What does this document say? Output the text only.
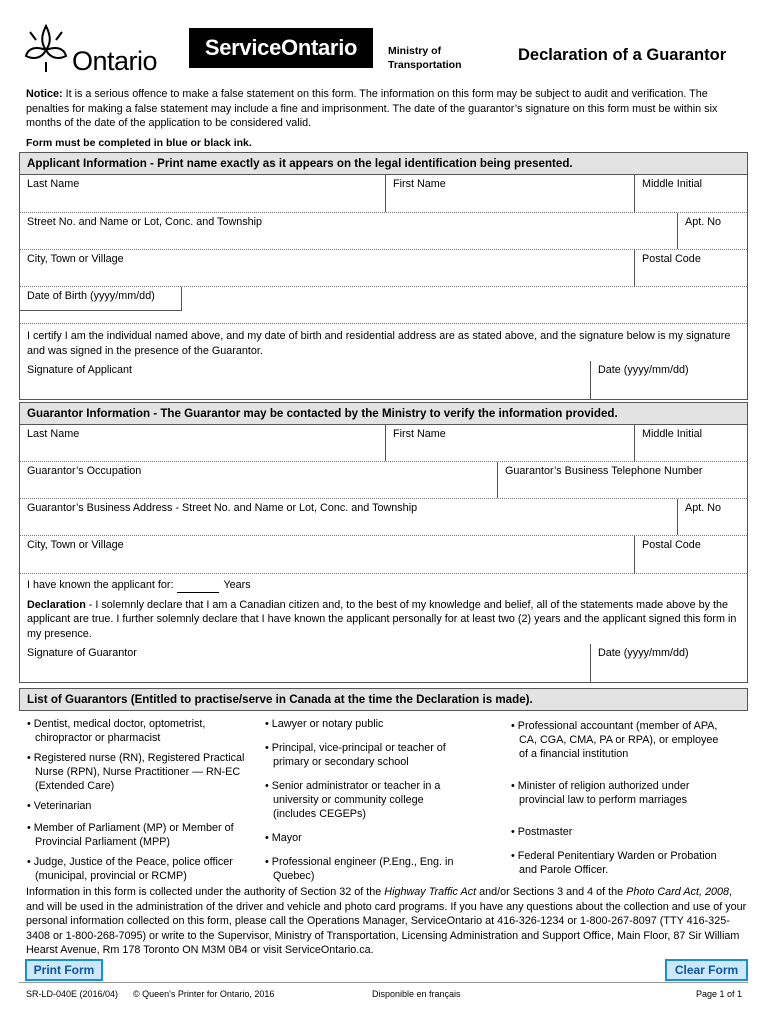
Ontario	ServiceOntario	Ministry of
Transportation
Declaration of a Guarantor
Notice: It is a serious offence to make a false statement on this form. The information on this form may be subject to audit and verification. The penalties for making a false statement may include a fine and imprisonment. The date of the guarantor’s signature on this form must be within six months of the date of the application to be considered valid.
Form must be completed in blue or black ink.
Applicant Information - Print name exactly as it appears on the legal identification being presented.
Last Name	First Name	Middle Initial
Street No. and Name or Lot, Conc. and Township	Apt. No
City, Town or Village	Postal Code
Date of Birth (yyyy/mm/dd)
I certify I am the individual named above, and my date of birth and residential address are as stated above, and the signature below is my signature and was signed in the presence of the Guarantor.
Signature of Applicant	Date (yyyy/mm/dd)
Guarantor Information - The Guarantor may be contacted by the Ministry to verify the information provided.
Last Name	First Name	Middle Initial
Guarantor’s Occupation	Guarantor’s Business Telephone Number
Guarantor’s Business Address - Street No. and Name or Lot, Conc. and Township	Apt. No
City, Town or Village	Postal Code
I have known the applicant for:	Years
Declaration - I solemnly declare that I am a Canadian citizen and, to the best of my knowledge and belief, all of the statements made above by the applicant are true. I further solemnly declare that I have known the applicant personally for at least two (2) years and the applicant signed this form in my presence.
Signature of Guarantor	Date (yyyy/mm/dd)
List of Guarantors (Entitled to practise/serve in Canada at the time the Declaration is made).
• Dentist, medical doctor, optometrist, chiropractor or pharmacist
• Registered nurse (RN), Registered Practical Nurse (RPN), Nurse Practitioner — RN-EC (Extended Care)
• Veterinarian
• Member of Parliament (MP) or Member of Provincial Parliament (MPP)
• Judge, Justice of the Peace, police officer (municipal, provincial or RCMP)
• Lawyer or notary public
• Principal, vice-principal or teacher of primary or secondary school
• Senior administrator or teacher in a university or community college (includes CEGEPs)
• Mayor
• Professional engineer (P.Eng., Eng. in Quebec)
• Professional accountant (member of APA, CA, CGA, CMA, PA or RPA), or employee of a financial institution
• Minister of religion authorized under provincial law to perform marriages
• Postmaster
• Federal Penitentiary Warden or Probation and Parole Officer.
Information in this form is collected under the authority of Section 32 of the Highway Traffic Act and/or Sections 3 and 4 of the Photo Card Act, 2008, and will be used in the administration of the driver and vehicle and photo card programs. If you have any questions about the collection and use of your personal information collected on this form, please call the Operations Manager, ServiceOntario at 416-326-1234 or 1-800-267-8097 (TTY 416-325-3408 or 1-800-268-7095) or write to the Supervisor, Ministry of Transportation, Licensing Administration and Support Office, Main Floor, 87 Sir William Hearst Avenue, Rm 178 Toronto ON M3M 0B4 or visit ServiceOntario.ca.
Print Form	Clear Form
SR-LD-040E (2016/04) © Queen's Printer for Ontario, 2016	Disponible en français	Page 1 of 1
